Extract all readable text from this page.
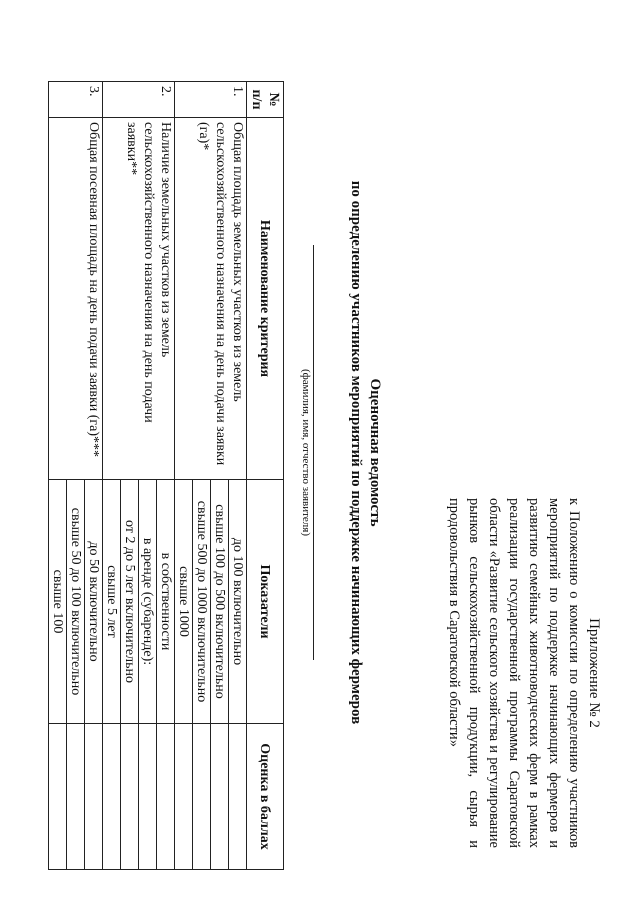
Приложение № 2
к Положению о комиссии по определению участников мероприятий по поддержке начинающих фермеров и развитию семейных животноводческих ферм в рамках реализации государственной программы Саратовской области «Развитие сельского хозяйства и регулирование рынков сельскохозяйственной продукции, сырья и продовольствия в Саратовской области»
Оценочная ведомость
по определению участников мероприятий по поддержке начинающих фермеров
(фамилия, имя, отчество заявителя)
№ п/п	Наименование критерия	Показатели	Оценка в баллах
1.	Общая площадь земельных участков из земель сельскохозяйственного назначения на день подачи заявки (га)*	до 100 включительно	
		свыше 100 до 500 включительно	
		свыше 500 до 1000 включительно	
		свыше 1000	
2.	Наличие земельных участков из земель сельскохозяйственного назначения на день подачи заявки**	в собственности	
		в аренде (субаренде):	
		от 2 до 5 лет включительно	
		свыше 5 лет	
3.	Общая посевная площадь на день подачи заявки (га)***	до 50 включительно	
		свыше 50 до 100 включительно	
		свыше 100	
